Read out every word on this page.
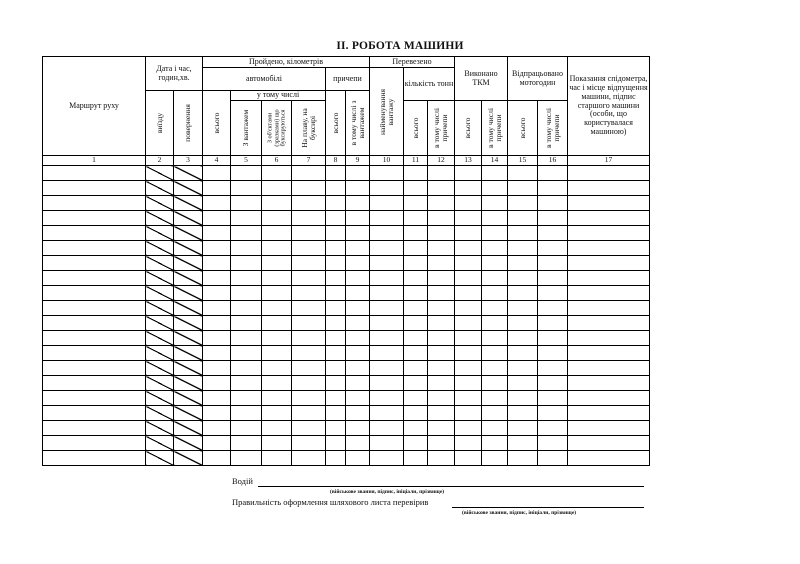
II. РОБОТА МАШИНИ
Маршрут руху	Дата і час, годин,хв.		Пройдено, кілометрів						Перевезено			Виконано ТКМ		Відпрацьовано мотогодин		Показання спідометра, час і місце відпущення машини, підпис старшого машини (особи, що користувалася машиною)
			автомобілі				причепи		найменування вантажу	кількість тонн						

	виїзду	повернення	всього	у тому числі			всього	в тому числі з вантажем								

				З вантажем	З об'єктами (зразками) що буксируються	На плаву, на буксирі				всього	в тому числі причепи	всього	в тому числі причепи	всього	в тому числі причепи	

1	2	3	4	5	6	7	8	9	10	11	12	13	14	15	16	17

Водій
(військове звання, підпис, ініціали, прізвище)
Правильність оформлення шляхового листа перевірив
(військове звання, підпис, ініціали, прізвище)
